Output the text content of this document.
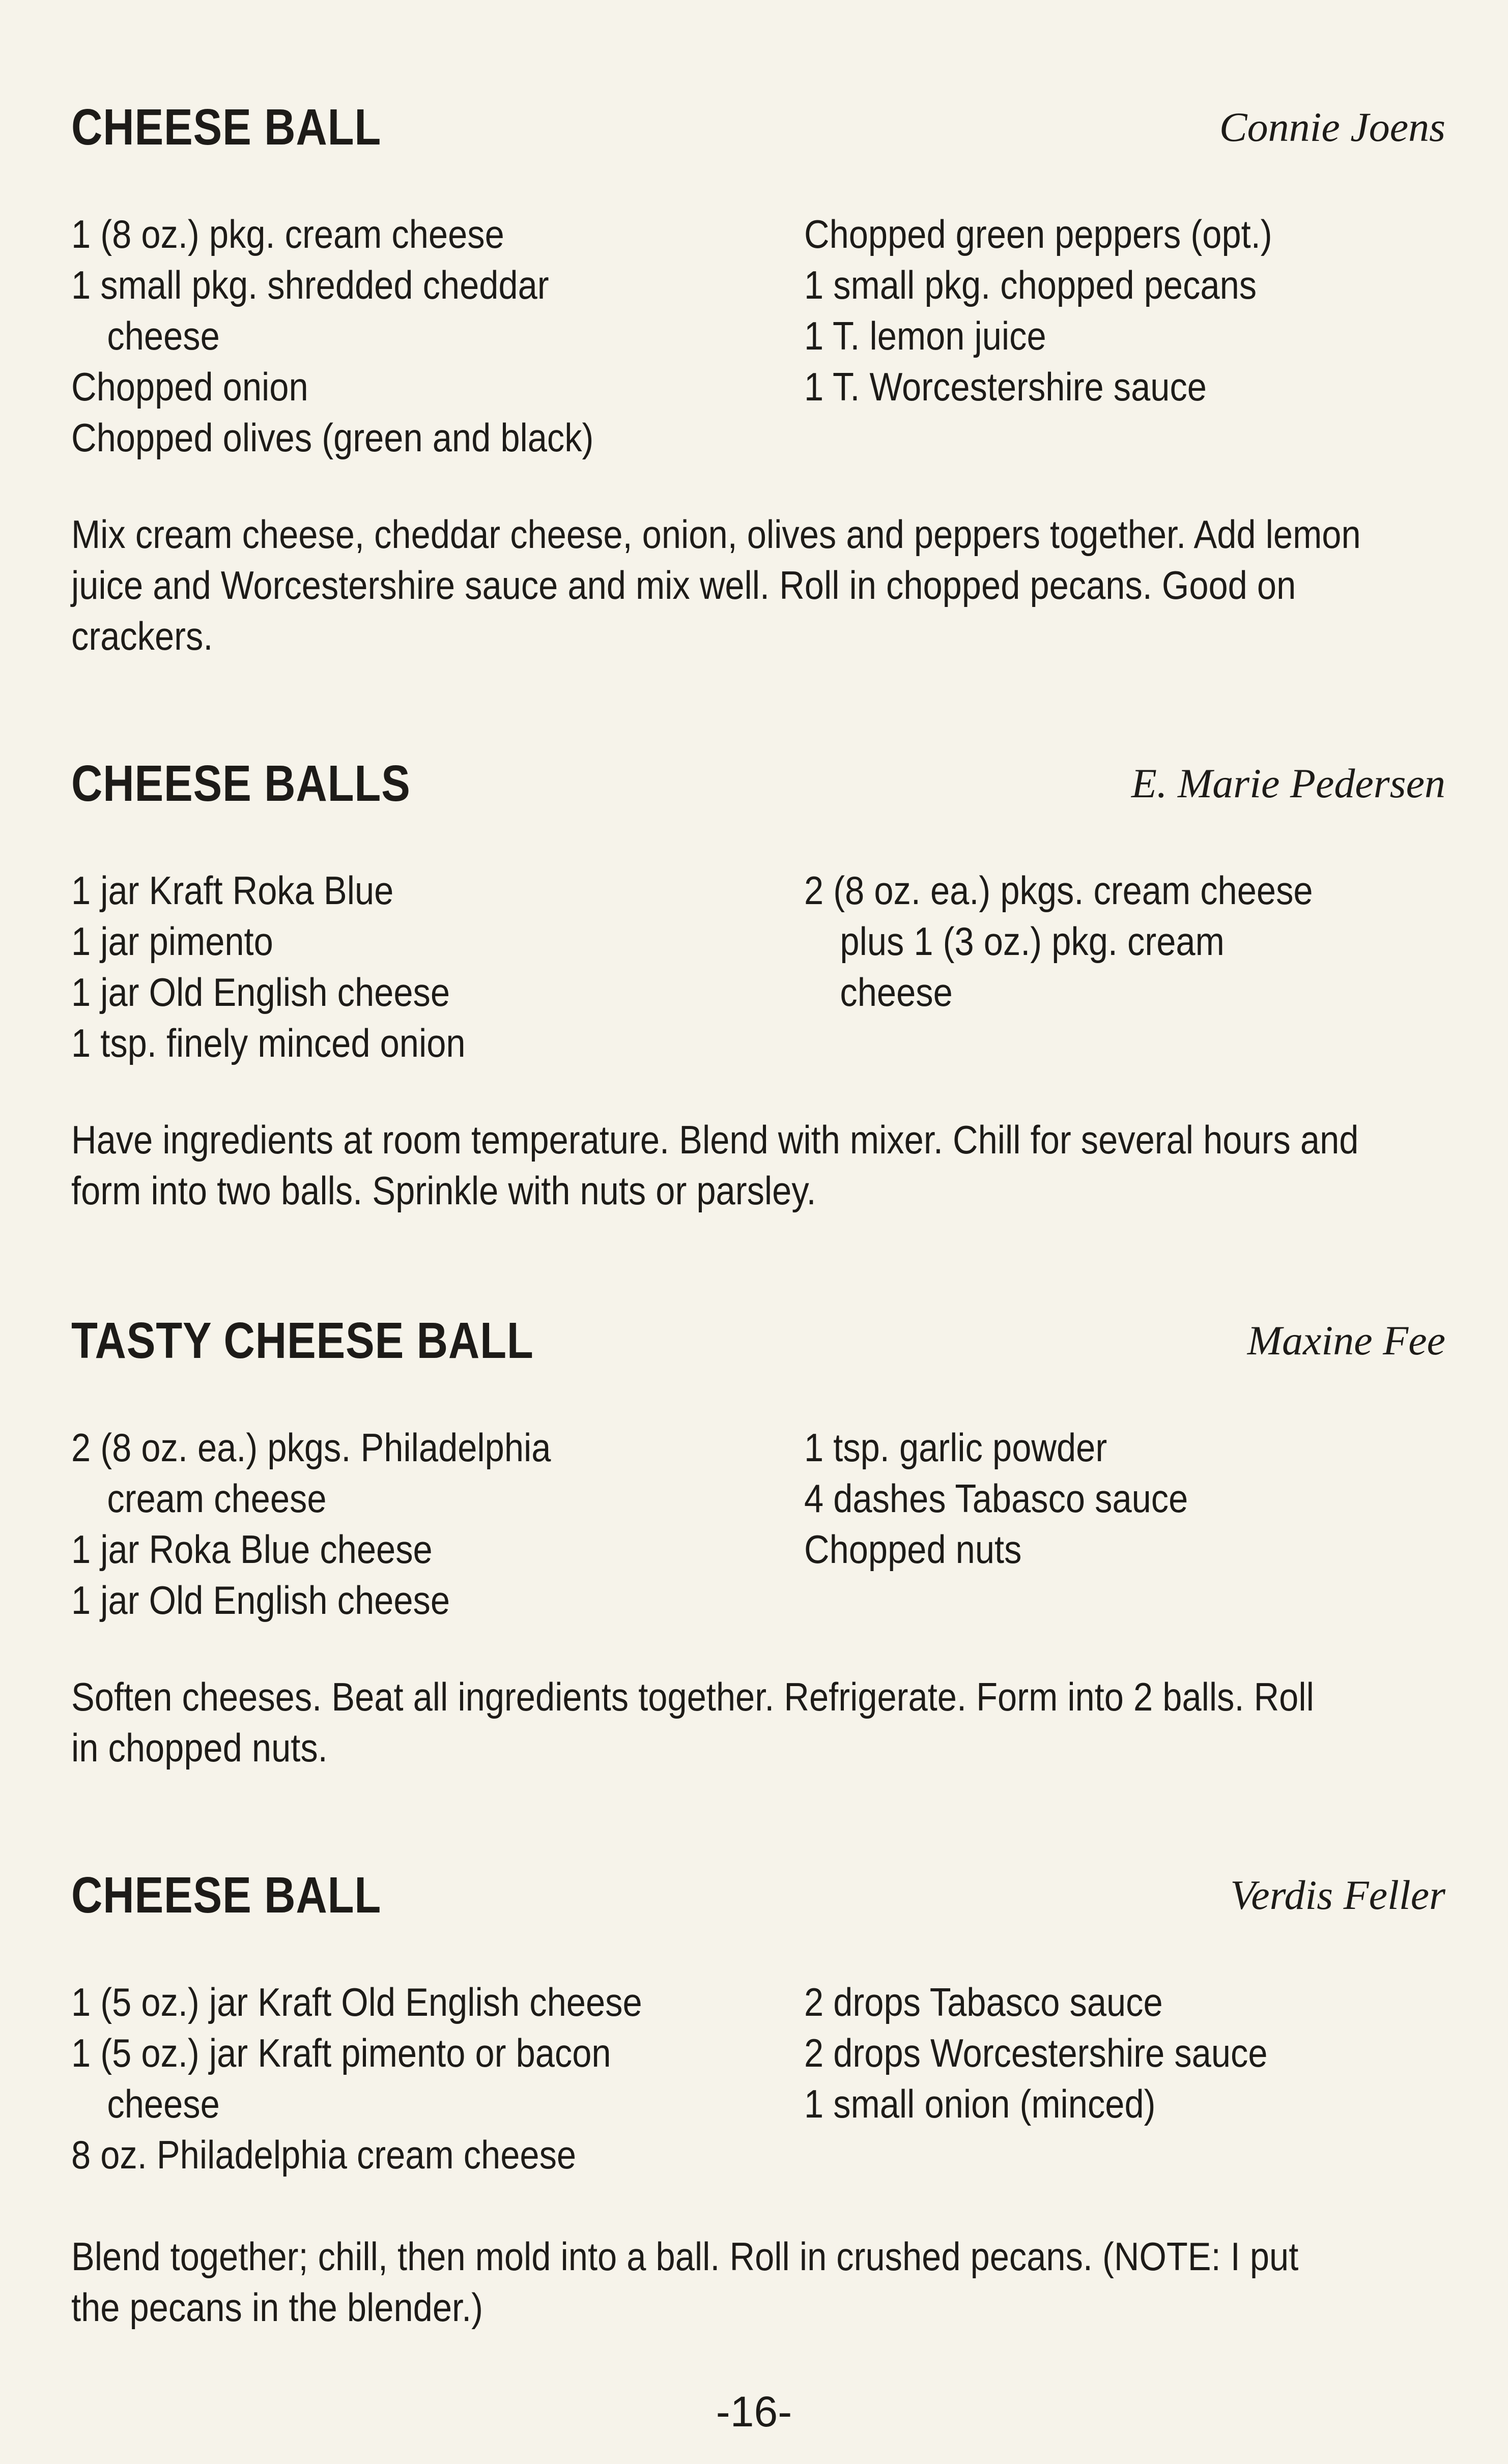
CHEESE BALL	Connie Joens
1 (8 oz.) pkg. cream cheese
1 small pkg. shredded cheddar
cheese
Chopped onion
Chopped olives (green and black)
Chopped green peppers (opt.)
1 small pkg. chopped pecans
1 T. lemon juice
1 T. Worcestershire sauce
Mix cream cheese, cheddar cheese, onion, olives and peppers together. Add lemon
juice and Worcestershire sauce and mix well. Roll in chopped pecans. Good on
crackers.
CHEESE BALLS	E. Marie Pedersen
1 jar Kraft Roka Blue
1 jar pimento
1 jar Old English cheese
1 tsp. finely minced onion
2 (8 oz. ea.) pkgs. cream cheese
plus 1 (3 oz.) pkg. cream
cheese
Have ingredients at room temperature. Blend with mixer. Chill for several hours and
form into two balls. Sprinkle with nuts or parsley.
TASTY CHEESE BALL	Maxine Fee
2 (8 oz. ea.) pkgs. Philadelphia
cream cheese
1 jar Roka Blue cheese
1 jar Old English cheese
1 tsp. garlic powder
4 dashes Tabasco sauce
Chopped nuts
Soften cheeses. Beat all ingredients together. Refrigerate. Form into 2 balls. Roll
in chopped nuts.
CHEESE BALL	Verdis Feller
1 (5 oz.) jar Kraft Old English cheese
1 (5 oz.) jar Kraft pimento or bacon
cheese
8 oz. Philadelphia cream cheese
2 drops Tabasco sauce
2 drops Worcestershire sauce
1 small onion (minced)
Blend together; chill, then mold into a ball. Roll in crushed pecans. (NOTE: I put
the pecans in the blender.)
-16-
